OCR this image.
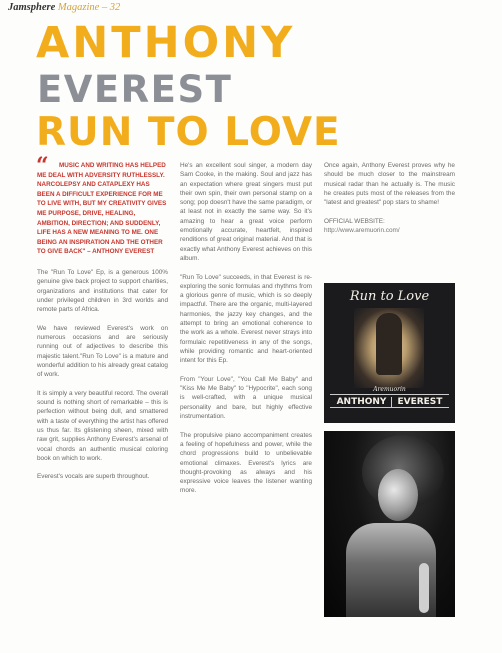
Jamsphere Magazine – 32
ANTHONY
EVEREST
RUN TO LOVE
“	MUSIC AND WRITING HAS HELPED ME DEAL WITH ADVERSITY RUTHLESSLY. NARCOLEPSY AND CATAPLEXY HAS BEEN A DIFFICULT EXPERIENCE FOR ME TO LIVE WITH, BUT MY CREATIVITY GIVES ME PURPOSE, DRIVE, HEALING, AMBITION, DIRECTION; AND SUDDENLY, LIFE HAS A NEW MEANING TO ME. ONE BEING AN INSPIRATION AND THE OTHER TO GIVE BACK" – ANTHONY EVEREST

The "Run To Love" Ep, is a generous 100% genuine give back project to support charities, organizations and institutions that cater for under privileged children in 3rd worlds and remote parts of Africa.

We have reviewed Everest's work on numerous occasions and are seriously running out of adjectives to describe this majestic talent."Run To Love" is a mature and wonderful addition to his already great catalog of work.

It is simply a very beautiful record. The overall sound is nothing short of remarkable – this is perfection without being dull, and smattered with a taste of everything the artist has offered us thus far. Its glistening sheen, mixed with raw grit, supplies Anthony Everest's arsenal of vocal chords an authentic musical coloring book on which to work.

Everest's vocals are superb throughout.

He's an excellent soul singer, a modern day Sam Cooke, in the making. Soul and jazz has an expectation where great singers must put their own spin, their own personal stamp on a song; pop doesn't have the same paradigm, or at least not in exactly the same way. So it's amazing to hear a great voice perform emotionally accurate, heartfelt, inspired renditions of great original material. And that is exactly what Anthony Everest achieves on this album.

"Run To Love" succeeds, in that Everest is re-exploring the sonic formulas and rhythms from a glorious genre of music, which is so deeply impactful. There are the organic, multi-layered harmonies, the jazzy key changes, and the attempt to bring an emotional coherence to the work as a whole. Everest never strays into formulaic repetitiveness in any of the songs, while providing romantic and heart-oriented intent for this Ep.

From "Your Love", "You Call Me Baby" and "Kiss Me Me Baby" to "Hypocrite", each song is well-crafted, with a unique musical personality and bare, but highly effective instrumentation.

The propulsive piano accompaniment creates a feeling of hopefulness and power, while the chord progressions build to unbelievable emotional climaxes. Everest's lyrics are thought-provoking as always and his expressive voice leaves the listener wanting more.

Once again, Anthony Everest proves why he should be much closer to the mainstream musical radar than he actually is. The music he creates puts most of the releases from the "latest and greatest" pop stars to shame!

OFFICIAL WEBSITE:
http://www.aremuorin.com/
Run to Love
Aremuorin
ANTHONY EVEREST
